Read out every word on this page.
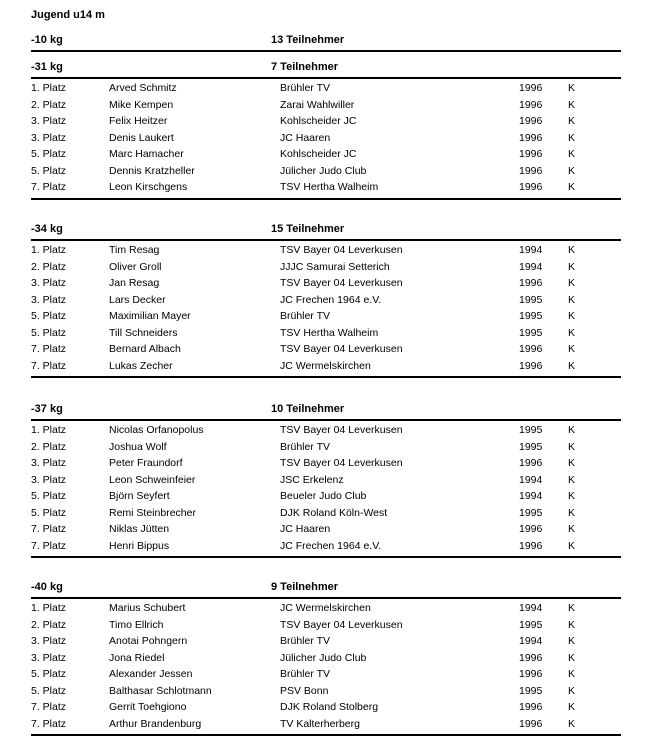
Jugend u14 m
-10 kg	13 Teilnehmer
-31 kg	7 Teilnehmer
1. Platz	Arved Schmitz	Brühler TV	1996 K
2. Platz	Mike Kempen	Zarai Wahlwiller	1996 K
3. Platz	Felix Heitzer	Kohlscheider JC	1996 K
3. Platz	Denis Laukert	JC Haaren	1996 K
5. Platz	Marc Hamacher	Kohlscheider JC	1996 K
5. Platz	Dennis Kratzheller	Jülicher Judo Club	1996 K
7. Platz	Leon Kirschgens	TSV Hertha Walheim	1996 K
-34 kg	15 Teilnehmer
1. Platz	Tim Resag	TSV Bayer 04 Leverkusen	1994 K
2. Platz	Oliver Groll	JJJC Samurai Setterich	1994 K
3. Platz	Jan Resag	TSV Bayer 04 Leverkusen	1996 K
3. Platz	Lars Decker	JC Frechen 1964 e.V.	1995 K
5. Platz	Maximilian Mayer	Brühler TV	1995 K
5. Platz	Till Schneiders	TSV Hertha Walheim	1995 K
7. Platz	Bernard Albach	TSV Bayer 04 Leverkusen	1996 K
7. Platz	Lukas Zecher	JC Wermelskirchen	1996 K
-37 kg	10 Teilnehmer
1. Platz	Nicolas Orfanopolus	TSV Bayer 04 Leverkusen	1995 K
2. Platz	Joshua Wolf	Brühler TV	1995 K
3. Platz	Peter Fraundorf	TSV Bayer 04 Leverkusen	1996 K
3. Platz	Leon Schweinfeier	JSC Erkelenz	1994 K
5. Platz	Björn Seyfert	Beueler Judo Club	1994 K
5. Platz	Remi Steinbrecher	DJK Roland Köln-West	1995 K
7. Platz	Niklas Jütten	JC Haaren	1996 K
7. Platz	Henri Bippus	JC Frechen 1964 e.V.	1996 K
-40 kg	9 Teilnehmer
1. Platz	Marius Schubert	JC Wermelskirchen	1994 K
2. Platz	Timo Ellrich	TSV Bayer 04 Leverkusen	1995 K
3. Platz	Anotai Pohngern	Brühler TV	1994 K
3. Platz	Jona Riedel	Jülicher Judo Club	1996 K
5. Platz	Alexander Jessen	Brühler TV	1996 K
5. Platz	Balthasar Schlotmann	PSV Bonn	1995 K
7. Platz	Gerrit Toehgiono	DJK Roland Stolberg	1996 K
7. Platz	Arthur Brandenburg	TV Kalterherberg	1996 K
